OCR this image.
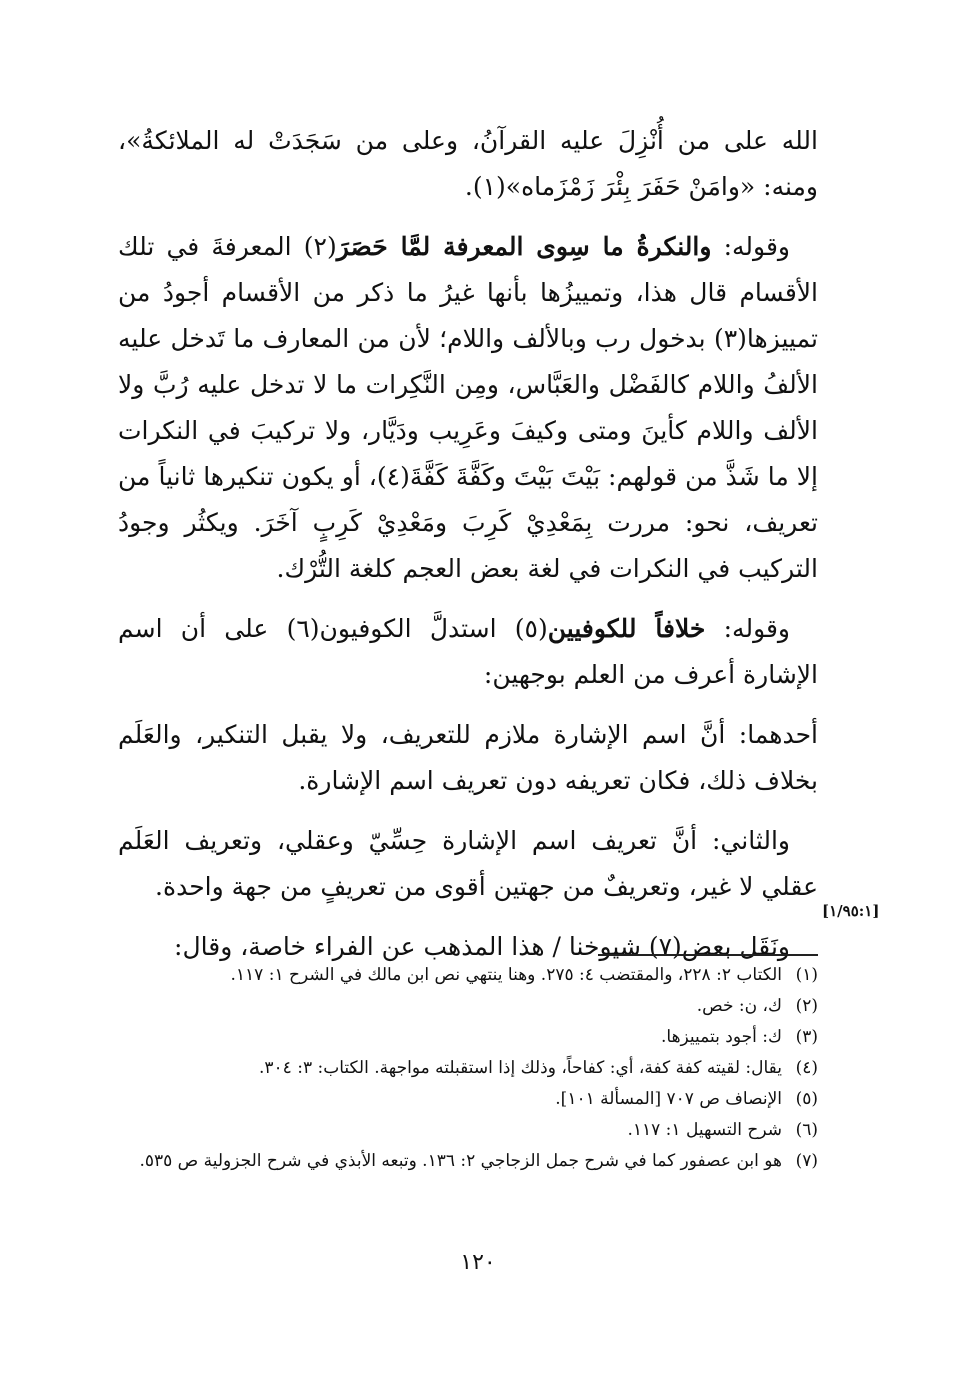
الله على من أُنْزِلَ عليه القرآنُ، وعلى من سَجَدَتْ له الملائكةُ»، ومنه: «وامَنْ حَفَرَ بِئْرَ زَمْزَماه»(١).

وقوله: والنكرةُ ما سِوى المعرفة لمَّا حَصَرَ(٢) المعرفةَ في تلك الأقسام قال هذا، وتمييزُها بأنها غيرُ ما ذكر من الأقسام أجودُ من تمييزها(٣) بدخول رب وبالألف واللام؛ لأن من المعارف ما تَدخل عليه الألفُ واللام كالفَضْل والعَبَّاس، ومِن النَّكِرات ما لا تدخل عليه رُبَّ ولا الألف واللام كأينَ ومتى وكيفَ وعَرِيب ودَيَّار، ولا تركيبَ في النكرات إلا ما شَذَّ من قولهم: بَيْتَ بَيْتَ وكَفَّةَ كَفَّةَ(٤)، أو يكون تنكيرها ثانياً من تعريف، نحو: مررت بِمَعْدِيْ كَرِبَ ومَعْدِيْ كَرِبٍ آخَرَ. ويكثُر وجودُ التركيب في النكرات في لغة بعض العجم كلغة التُّرْك.

وقوله: خلافاً للكوفيين(٥) استدلَّ الكوفيون(٦) على أن اسم الإشارة أعرف من العلم بوجهين:

أحدهما: أنَّ اسم الإشارة ملازم للتعريف، ولا يقبل التنكير، والعَلَم بخلاف ذلك، فكان تعريفه دون تعريف اسم الإشارة.

والثاني: أنَّ تعريف اسم الإشارة حِسِّيّ وعقلي، وتعريف العَلَم عقلي لا غير، وتعريفٌ من جهتين أقوى من تعريفٍ من جهة واحدة.

ونَقَل بعض(٧) شيوخنا / هذا المذهب عن الفراء خاصة، وقال:

[١/٩٥:١]
(١)
الكتاب ٢: ٢٢٨، والمقتضب ٤: ٢٧٥. وهنا ينتهي نص ابن مالك في الشرح ١: ١١٧.
(٢)
ك، ن: خص.
(٣)
ك: أجود بتمييزها.
(٤)
يقال: لقيته كفة كفة، أي: كفاحاً، وذلك إذا استقبلته مواجهة. الكتاب: ٣: ٣٠٤.
(٥)
الإنصاف ص ٧٠٧ [المسألة ١٠١].
(٦)
شرح التسهيل ١: ١١٧.
(٧)
هو ابن عصفور كما في شرح جمل الزجاجي ٢: ١٣٦. وتبعه الأبذي في شرح الجزولية ص ٥٣٥.
١٢٠
